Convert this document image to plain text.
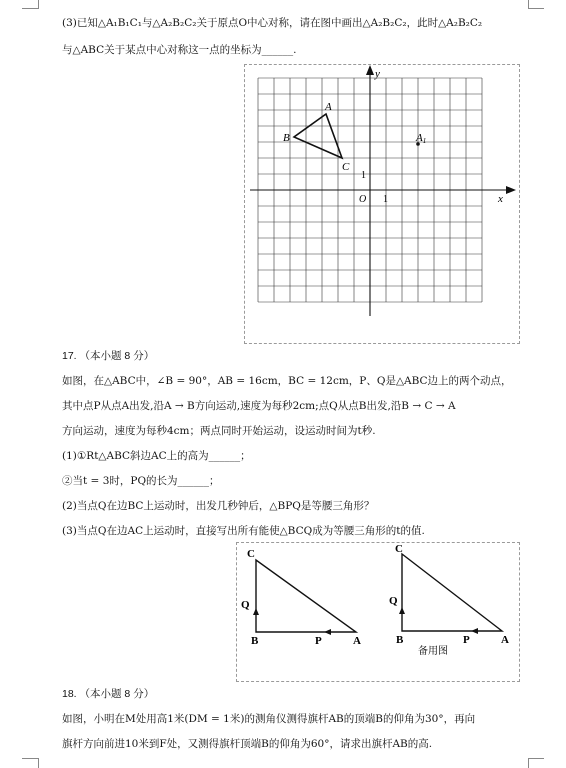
(3)已知△A₁B₁C₁与△A₂B₂C₂关于原点O中心对称，请在图中画出△A₂B₂C₂，此时△A₂B₂C₂
与△ABC关于某点中心对称这一点的坐标为______.
y
x
O 1
1
A
B
C
A1
17. （本小题 8 分）
如图，在△ABC中，∠B = 90°，AB = 16cm，BC = 12cm，P、Q是△ABC边上的两个动点，
其中点P从点A出发,沿A → B方向运动,速度为每秒2cm;点Q从点B出发,沿B → C → A
方向运动，速度为每秒4cm；两点同时开始运动，设运动时间为t秒.
(1)①Rt△ABC斜边AC上的高为______；
②当t = 3时，PQ的长为______；
(2)当点Q在边BC上运动时，出发几秒钟后，△BPQ是等腰三角形？
(3)当点Q在边AC上运动时，直接写出所有能使△BCQ成为等腰三角形的t的值.
C
Q
B	P	A
C
Q
B	P	A
备用图
18. （本小题 8 分）
如图，小明在M处用高1米(DM = 1米)的测角仪测得旗杆AB的顶端B的仰角为30°，再向
旗杆方向前进10米到F处，又测得旗杆顶端B的仰角为60°，请求出旗杆AB的高.
